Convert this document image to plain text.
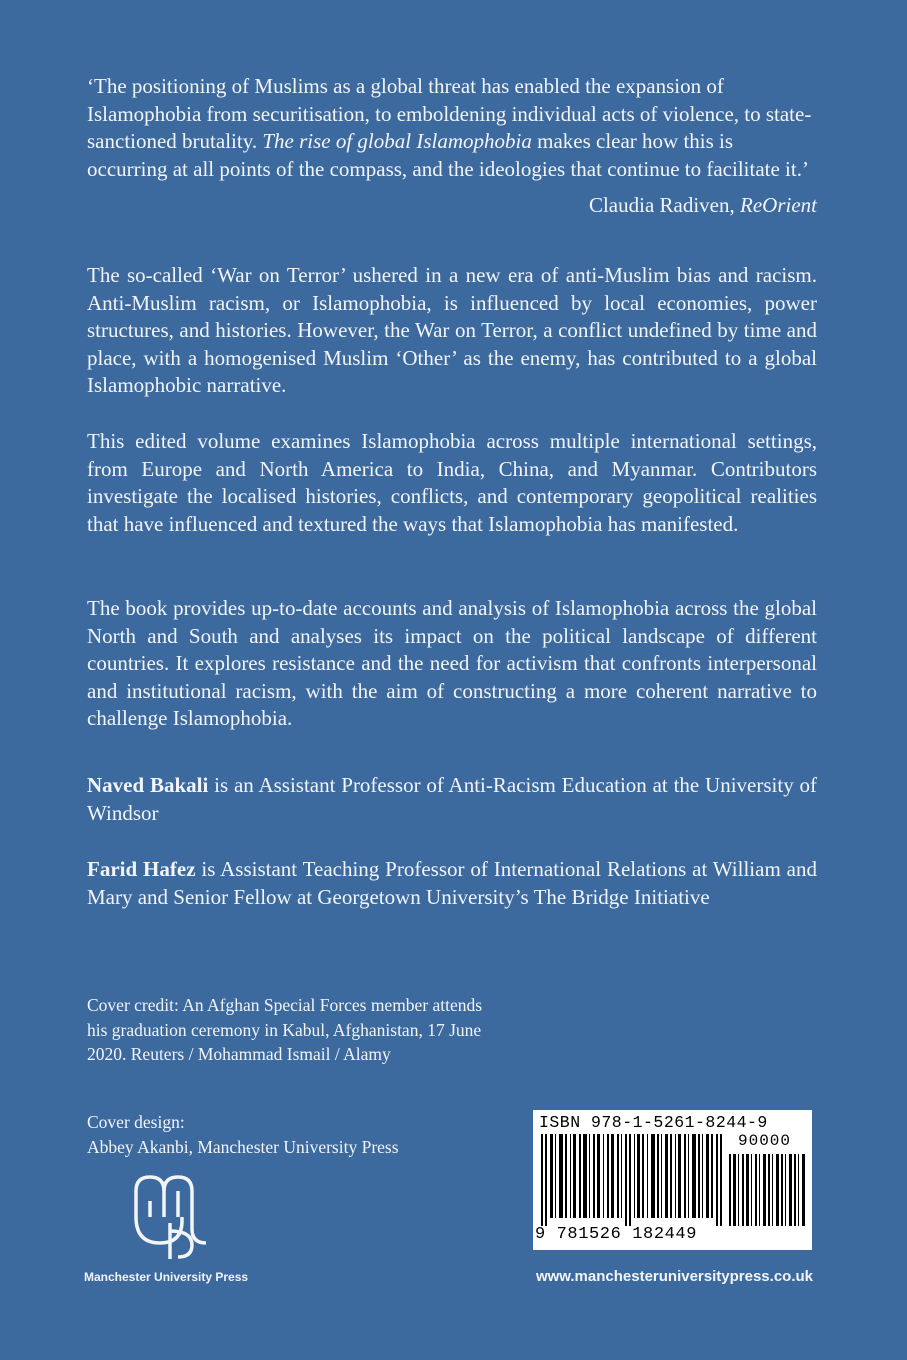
‘The positioning of Muslims as a global threat has enabled the expansion of Islamophobia from securitisation, to emboldening individual acts of violence, to state-sanctioned brutality. The rise of global Islamophobia makes clear how this is occurring at all points of the compass, and the ideologies that continue to facilitate it.’

Claudia Radiven, ReOrient

The so-called ‘War on Terror’ ushered in a new era of anti-Muslim bias and racism. Anti-Muslim racism, or Islamophobia, is influenced by local economies, power structures, and histories. However, the War on Terror, a conflict undefined by time and place, with a homogenised Muslim ‘Other’ as the enemy, has contributed to a global Islamophobic narrative.

This edited volume examines Islamophobia across multiple international settings, from Europe and North America to India, China, and Myanmar. Contributors investigate the localised histories, conflicts, and contemporary geopolitical realities that have influenced and textured the ways that Islamophobia has manifested.

The book provides up-to-date accounts and analysis of Islamophobia across the global North and South and analyses its impact on the political landscape of different countries. It explores resistance and the need for activism that confronts interpersonal and institutional racism, with the aim of constructing a more coherent narrative to challenge Islamophobia.

Naved Bakali is an Assistant Professor of Anti-Racism Education at the University of Windsor

Farid Hafez is Assistant Teaching Professor of International Relations at William and Mary and Senior Fellow at Georgetown University’s The Bridge Initiative

Cover credit: An Afghan Special Forces member attends his graduation ceremony in Kabul, Afghanistan, 17 June 2020. Reuters / Mohammad Ismail / Alamy
Cover design:
Abbey Akanbi, Manchester University Press
Manchester University Press
ISBN 978-1-5261-8244-9
90000
9 781526 182449
www.manchesteruniversitypress.co.uk
